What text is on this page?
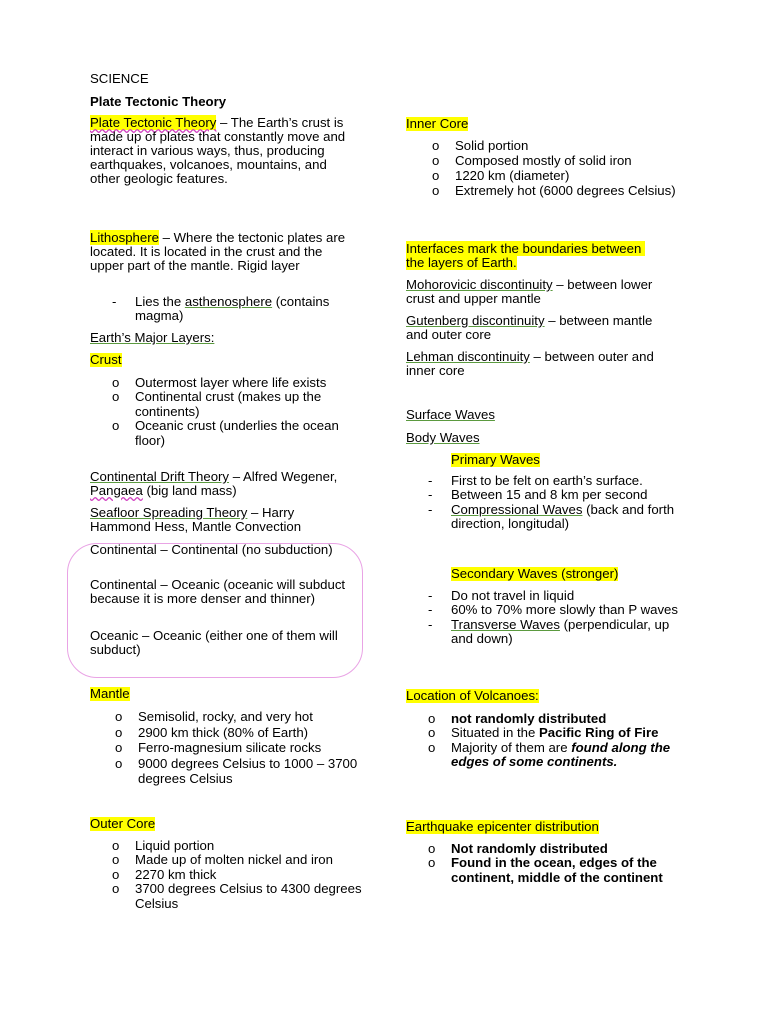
SCIENCE
Plate Tectonic Theory

Plate Tectonic Theory – The Earth’s crust is made up of plates that constantly move and interact in various ways, thus, producing earthquakes, volcanoes, mountains, and other geologic features.

Lithosphere – Where the tectonic plates are located. It is located in the crust and the upper part of the mantle. Rigid layer

- Lies the asthenosphere (contains magma)
Earth’s Major Layers:
Crust
o Outermost layer where life exists
o Continental crust (makes up the continents)
o Oceanic crust (underlies the ocean floor)

Continental Drift Theory – Alfred Wegener, Pangaea (big land mass)

Seafloor Spreading Theory – Harry Hammond Hess, Mantle Convection

Continental – Continental (no subduction)

Continental – Oceanic (oceanic will subduct because it is more denser and thinner)

Oceanic – Oceanic (either one of them will subduct)

Mantle
o Semisolid, rocky, and very hot
o 2900 km thick (80% of Earth)
o Ferro-magnesium silicate rocks
o 9000 degrees Celsius to 1000 – 3700 degrees Celsius
Outer Core
o Liquid portion
o Made up of molten nickel and iron
o 2270 km thick
o 3700 degrees Celsius to 4300 degrees Celsius
Inner Core
o Solid portion
o Composed mostly of solid iron
o 1220 km (diameter)
o Extremely hot (6000 degrees Celsius)

Interfaces mark the boundaries between the layers of Earth.

Mohorovicic discontinuity – between lower crust and upper mantle

Gutenberg discontinuity – between mantle and outer core

Lehman discontinuity – between outer and inner core

Surface Waves
Body Waves
Primary Waves
- First to be felt on earth’s surface.
- Between 15 and 8 km per second
- Compressional Waves (back and forth direction, longitudal)
Secondary Waves (stronger)
- Do not travel in liquid
- 60% to 70% more slowly than P waves
- Transverse Waves (perpendicular, up and down)
Location of Volcanoes:
o not randomly distributed
o Situated in the Pacific Ring of Fire
o Majority of them are found along the edges of some continents.
Earthquake epicenter distribution
o Not randomly distributed
o Found in the ocean, edges of the continent, middle of the continent
